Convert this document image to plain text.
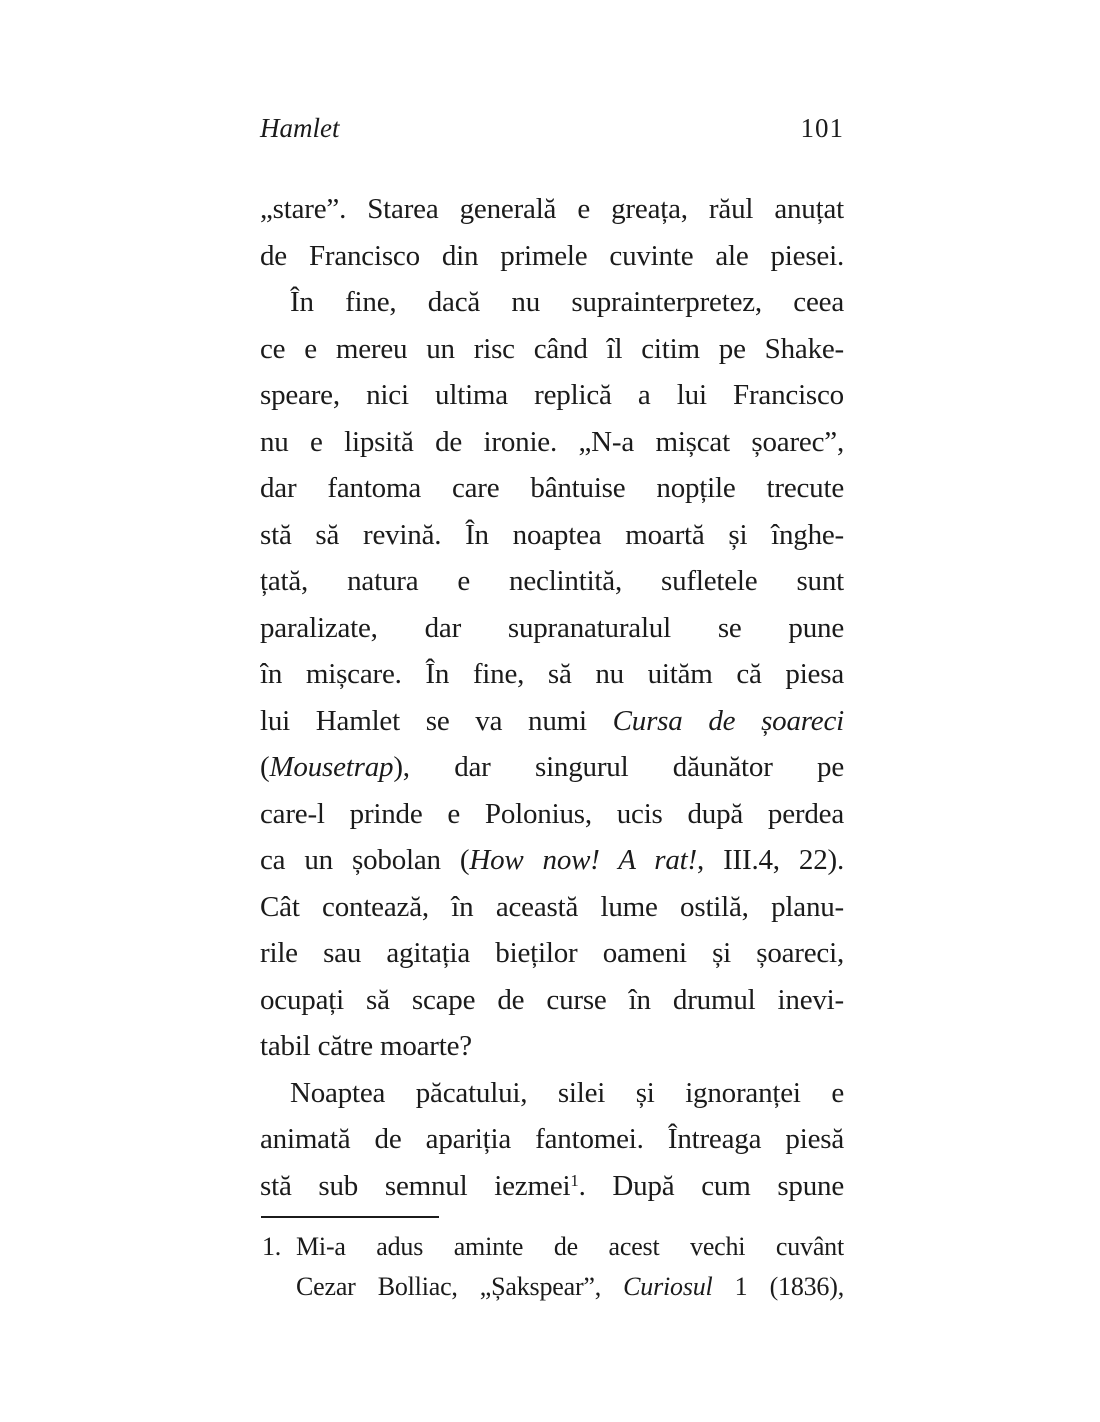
Hamlet	101
„stare”. Starea generală e greața, răul anuțat
de Francisco din primele cuvinte ale piesei.
În fine, dacă nu suprainterpretez, ceea
ce e mereu un risc când îl citim pe Shake-
speare, nici ultima replică a lui Francisco
nu e lipsită de ironie. „N-a mișcat șoarec”,
dar fantoma care bântuise nopțile trecute
stă să revină. În noaptea moartă și înghe-
țată, natura e neclintită, sufletele sunt
paralizate, dar supranaturalul se pune
în mișcare. În fine, să nu uităm că piesa
lui Hamlet se va numi Cursa de șoareci
(Mousetrap), dar singurul dăunător pe
care-l prinde e Polonius, ucis după perdea
ca un șobolan (How now! A rat!, III.4, 22).
Cât contează, în această lume ostilă, planu-
rile sau agitația bieților oameni și șoareci,
ocupați să scape de curse în drumul inevi-
tabil către moarte?
Noaptea păcatului, silei și ignoranței e
animată de apariția fantomei. Întreaga piesă
stă sub semnul iezmei$^1$. După cum spune
1. Mi-a adus aminte de acest vechi cuvânt
Cezar Bolliac, „Șakspear”, Curiosul 1 (1836),
